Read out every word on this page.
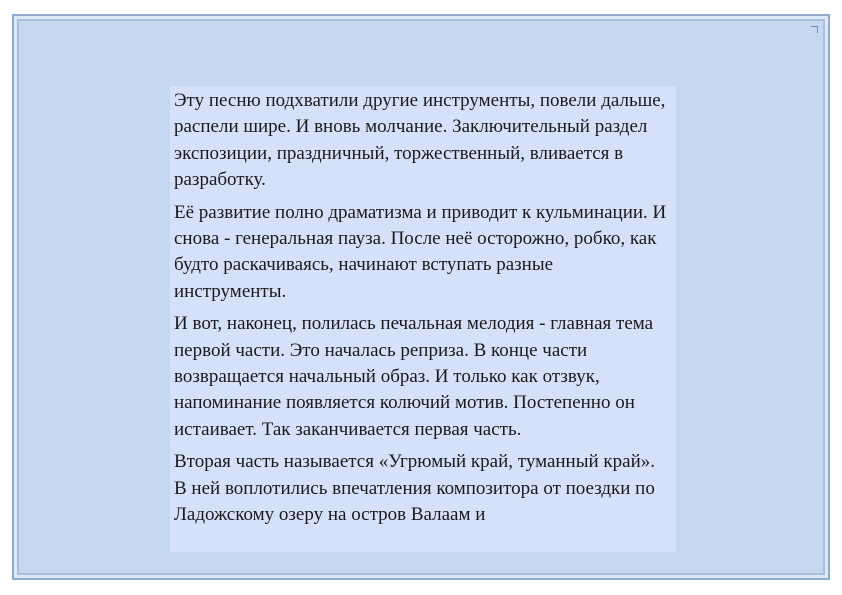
Эту песню подхватили другие инструменты, повели дальше, распели шире. И вновь молчание. Заключительный раздел экспозиции, праздничный, торжественный, вливается в разработку.

Её развитие полно драматизма и приводит к кульминации. И снова - генеральная пауза. После неё осторожно, робко, как будто раскачиваясь, начинают вступать разные инструменты.

И вот, наконец, полилась печальная мелодия - главная тема первой части. Это началась реприза. В конце части возвращается начальный образ. И только как отзвук, напоминание появляется колючий мотив. Постепенно он истаивает. Так заканчивается первая часть.

Вторая часть называется «Угрюмый край, туманный край». В ней воплотились впечатления композитора от поездки по Ладожскому озеру на остров Валаам и
